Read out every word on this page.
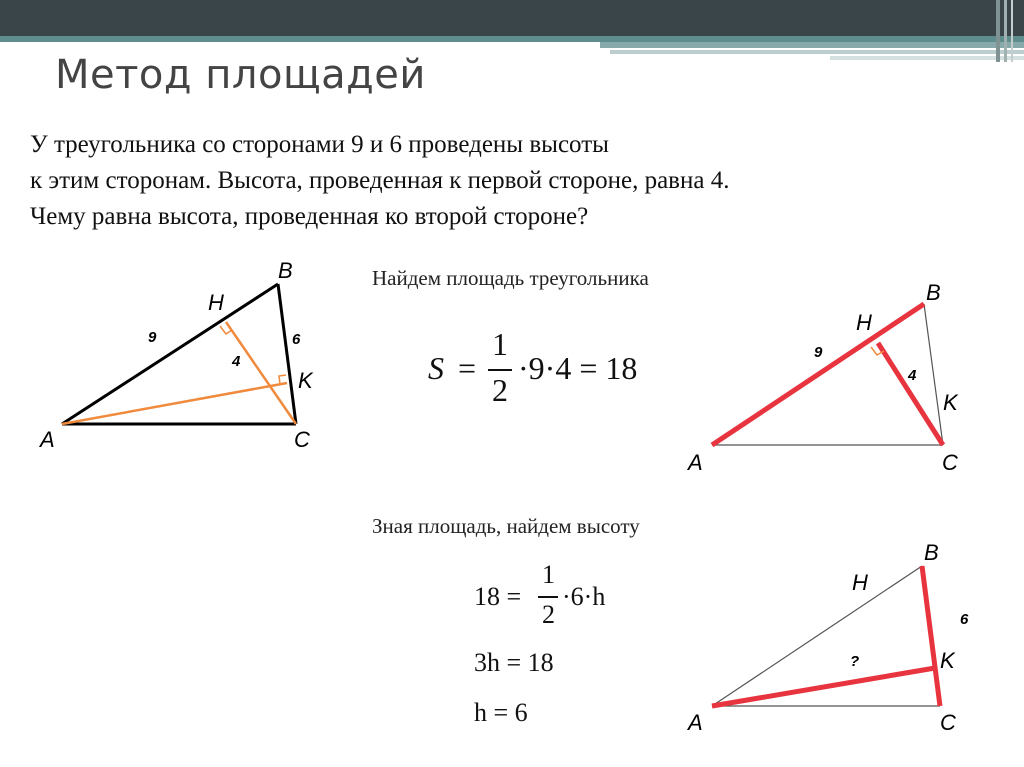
Метод площадей
У треугольника со сторонами 9 и 6 проведены высоты
к этим сторонам. Высота, проведенная к первой стороне, равна 4.
Чему равна высота, проведенная ко второй стороне?
B
H
K
A	C
9	6
4
Найдем площадь треугольника
S =
1
2
·9·4 = 18
B
H
K
A	C
9
4
Зная площадь, найдем высоту
18 =
1
2
·6·h
3h = 18
h = 6
B
H
K
A	C
6
?
